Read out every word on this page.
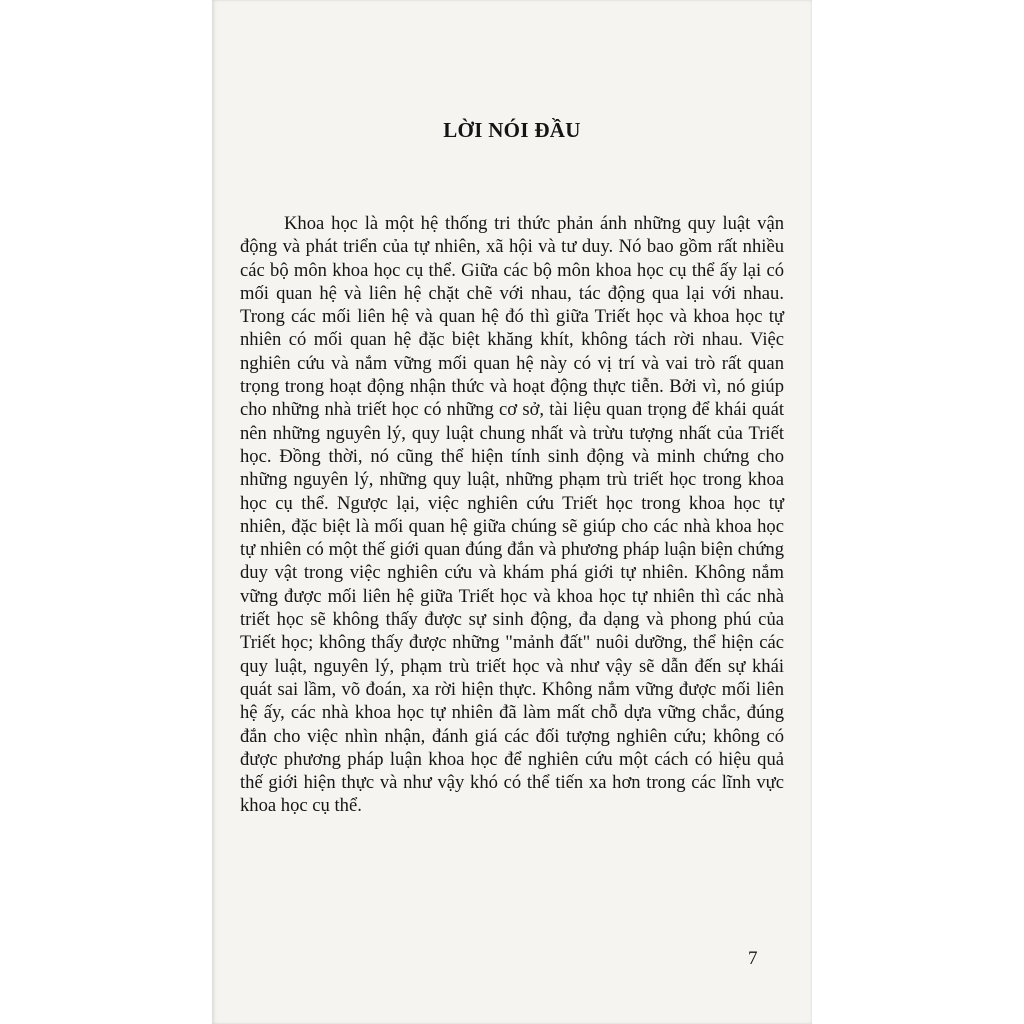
LỜI NÓI ĐẦU
Khoa học là một hệ thống tri thức phản ánh những quy luật vận
động và phát triển của tự nhiên, xã hội và tư duy. Nó bao gồm rất nhiều
các bộ môn khoa học cụ thể. Giữa các bộ môn khoa học cụ thể ấy lại có
mối quan hệ và liên hệ chặt chẽ với nhau, tác động qua lại với nhau.
Trong các mối liên hệ và quan hệ đó thì giữa Triết học và khoa học tự
nhiên có mối quan hệ đặc biệt khăng khít, không tách rời nhau. Việc
nghiên cứu và nắm vững mối quan hệ này có vị trí và vai trò rất quan
trọng trong hoạt động nhận thức và hoạt động thực tiễn. Bởi vì, nó giúp
cho những nhà triết học có những cơ sở, tài liệu quan trọng để khái quát
nên những nguyên lý, quy luật chung nhất và trừu tượng nhất của Triết
học. Đồng thời, nó cũng thể hiện tính sinh động và minh chứng cho
những nguyên lý, những quy luật, những phạm trù triết học trong khoa
học cụ thể. Ngược lại, việc nghiên cứu Triết học trong khoa học tự
nhiên, đặc biệt là mối quan hệ giữa chúng sẽ giúp cho các nhà khoa học
tự nhiên có một thế giới quan đúng đắn và phương pháp luận biện chứng
duy vật trong việc nghiên cứu và khám phá giới tự nhiên. Không nắm
vững được mối liên hệ giữa Triết học và khoa học tự nhiên thì các nhà
triết học sẽ không thấy được sự sinh động, đa dạng và phong phú của
Triết học; không thấy được những "mảnh đất" nuôi dưỡng, thể hiện các
quy luật, nguyên lý, phạm trù triết học và như vậy sẽ dẫn đến sự khái
quát sai lầm, võ đoán, xa rời hiện thực. Không nắm vững được mối liên
hệ ấy, các nhà khoa học tự nhiên đã làm mất chỗ dựa vững chắc, đúng
đắn cho việc nhìn nhận, đánh giá các đối tượng nghiên cứu; không có
được phương pháp luận khoa học để nghiên cứu một cách có hiệu quả
thế giới hiện thực và như vậy khó có thể tiến xa hơn trong các lĩnh vực
khoa học cụ thể.
7
